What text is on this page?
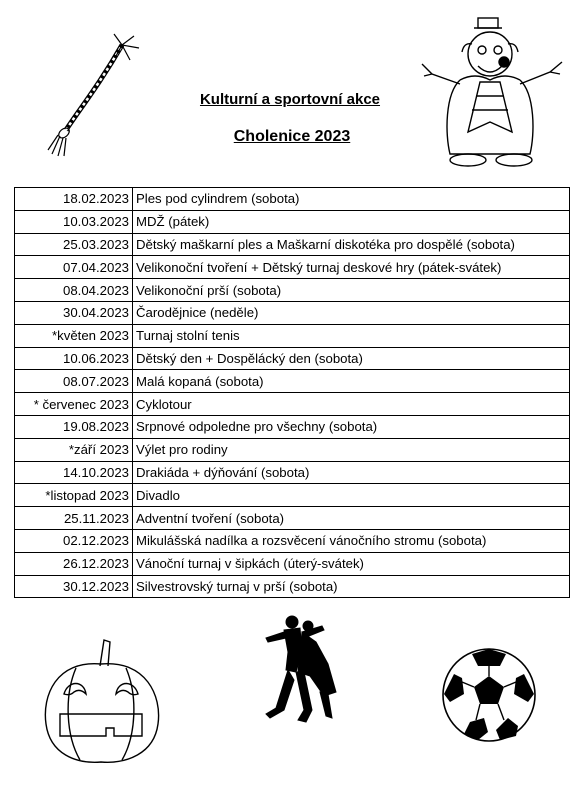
Kulturní a sportovní akce
Cholenice 2023
18.02.2023	Ples pod cylindrem (sobota)
10.03.2023	MDŽ (pátek)
25.03.2023	Dětský maškarní ples a Maškarní diskotéka pro dospělé (sobota)
07.04.2023	Velikonoční tvoření + Dětský turnaj deskové hry (pátek-svátek)
08.04.2023	Velikonoční prší (sobota)
30.04.2023	Čarodějnice (neděle)
*květen 2023	Turnaj stolní tenis
10.06.2023	Dětský den + Dospělácký den (sobota)
08.07.2023	Malá kopaná (sobota)
* červenec 2023	Cyklotour
19.08.2023	Srpnové odpoledne pro všechny (sobota)
*září 2023	Výlet pro rodiny
14.10.2023	Drakiáda + dýňování (sobota)
*listopad 2023	Divadlo
25.11.2023	Adventní tvoření (sobota)
02.12.2023	Mikulášská nadílka a rozsvěcení vánočního stromu (sobota)
26.12.2023	Vánoční turnaj v šipkách (úterý-svátek)
30.12.2023	Silvestrovský turnaj v prší (sobota)
